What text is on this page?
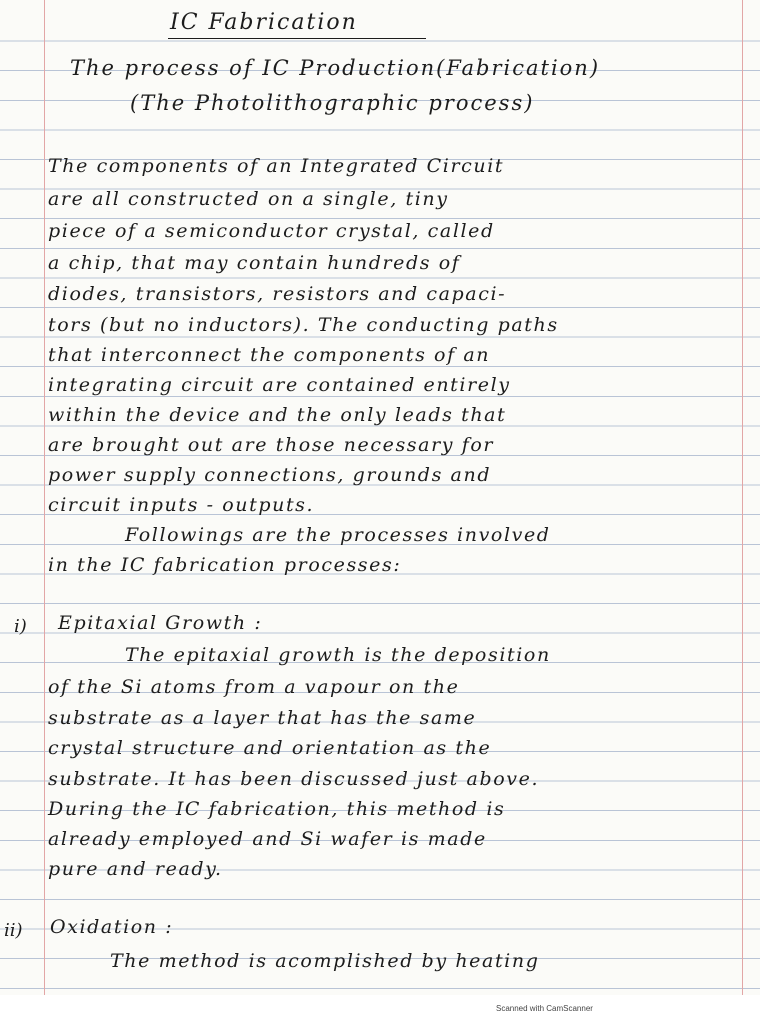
IC Fabrication

The process of IC Production(Fabrication)

(The Photolithographic process)

The components of an Integrated Circuit

are all constructed on a single, tiny

piece of a semiconductor crystal, called

a chip, that may contain hundreds of

diodes, transistors, resistors and capaci-

tors (but no inductors). The conducting paths

that interconnect the components of an

integrating circuit are contained entirely

within the device and the only leads that

are brought out are those necessary for

power supply connections, grounds and

circuit inputs - outputs.

Followings are the processes involved

in the IC fabrication processes:

i) Epitaxial Growth :

The epitaxial growth is the deposition

of the Si atoms from a vapour on the

substrate as a layer that has the same

crystal structure and orientation as the

substrate. It has been discussed just above.

During the IC fabrication, this method is

already employed and Si wafer is made

pure and ready.

ii) Oxidation :

The method is acomplished by heating

Scanned with CamScanner
